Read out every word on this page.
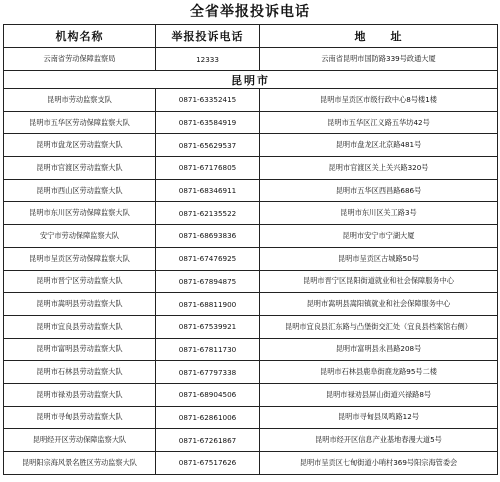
全省举报投诉电话
机构名称	举报投诉电话	地　　址
云南省劳动保障监察局	12333	云南省昆明市国防路339号政通大厦
昆明市		
昆明市劳动监察支队	0871-63352415	昆明市呈贡区市级行政中心8号楼1楼
昆明市五华区劳动保障监察大队	0871-63584919	昆明市五华区江义路五华坊42号
昆明市盘龙区劳动监察大队	0871-65629537	昆明市盘龙区北京路481号
昆明市官渡区劳动监察大队	0871-67176805	昆明市官渡区关上关兴路320号
昆明市西山区劳动监察大队	0871-68346911	昆明市五华区西昌路686号
昆明市东川区劳动保障监察大队	0871-62135522	昆明市东川区关工路3号
安宁市劳动保障监察大队	0871-68693836	昆明市安宁市宁湖大厦
昆明市呈贡区劳动保障监察大队	0871-67476925	昆明市呈贡区古城路50号
昆明市晋宁区劳动监察大队	0871-67894875	昆明市晋宁区昆阳街道就业和社会保障服务中心
昆明市嵩明县劳动监察大队	0871-68811900	昆明市嵩明县嵩阳镇就业和社会保障服务中心
昆明市宜良县劳动监察大队	0871-67539921	昆明市宜良县汇东路与凸堡街交汇处（宜良县档案馆右侧）
昆明市富明县劳动监察大队	0871-67811730	昆明市富明县永昌路208号
昆明市石林县劳动监察大队	0871-67797338	昆明市石林县鹿阜街鹿龙路95号二楼
昆明市禄劝县劳动监察大队	0871-68904506	昆明市禄劝县屏山街道兴禄路8号
昆明市寻甸县劳动监察大队	0871-62861006	昆明市寻甸县凤鸣路12号
昆明经开区劳动保障监察大队	0871-67261867	昆明市经开区信息产业基地春漫大道5号
昆明阳宗海风景名胜区劳动监察大队	0871-67517626	昆明市呈贡区七甸街道小哨村369号阳宗海管委会
